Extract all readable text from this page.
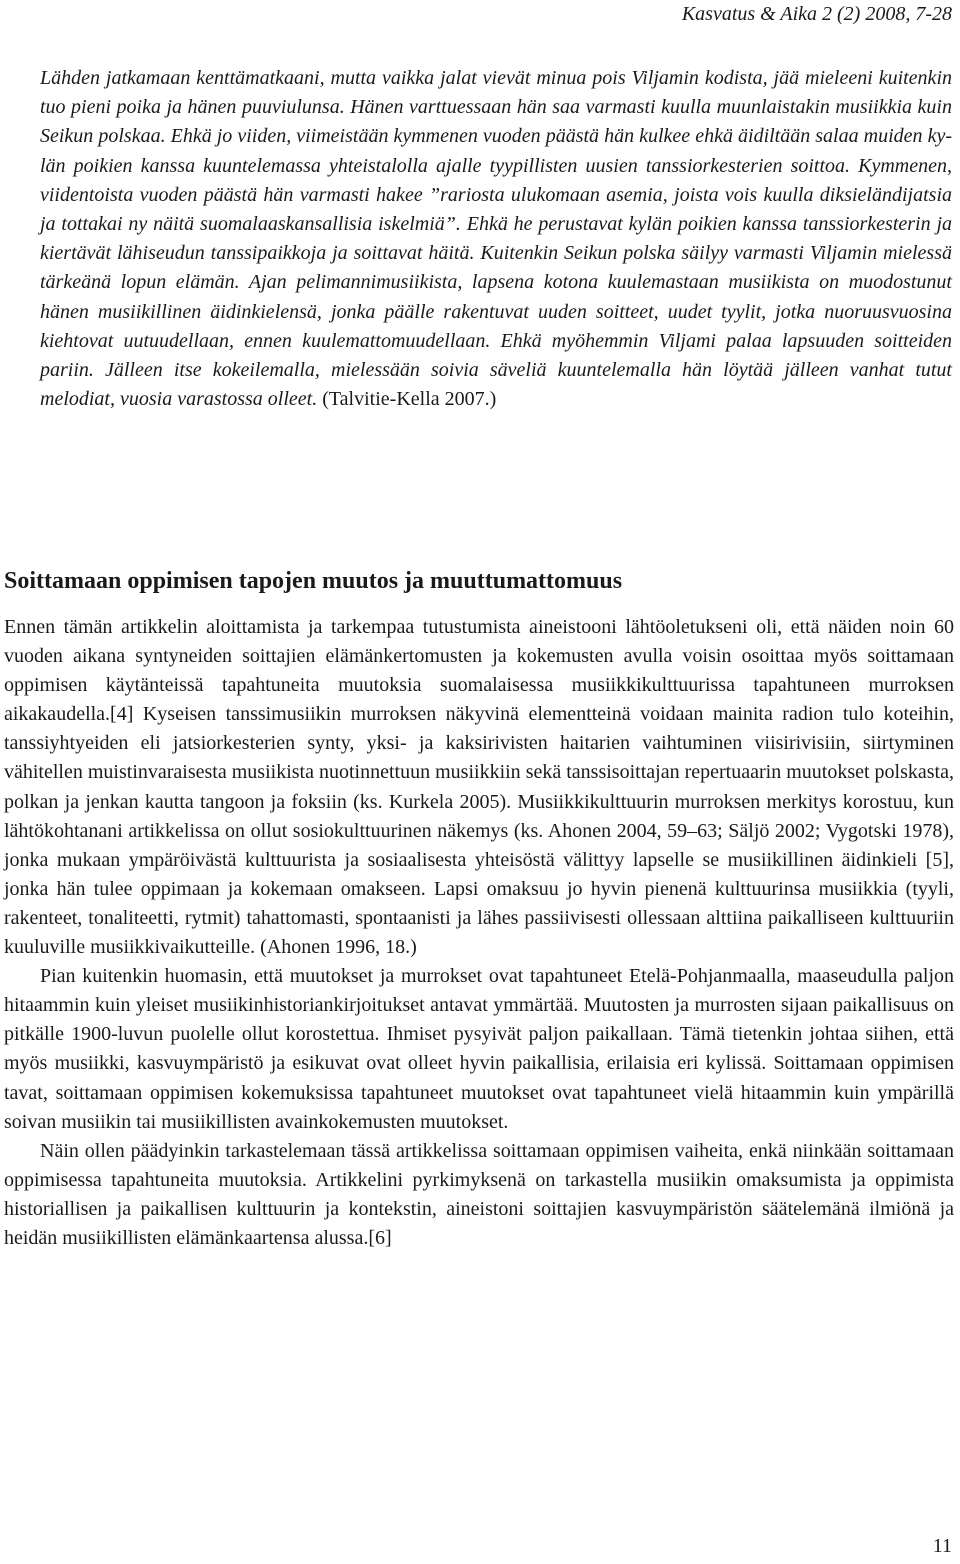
Kasvatus & Aika 2 (2) 2008, 7-28
Lähden jatkamaan kenttämatkaani, mutta vaikka jalat vievät minua pois Viljamin kodista, jää mieleeni kuitenkin tuo pieni poika ja hänen puuviulunsa. Hänen varttuessaan hän saa varmasti kuulla muunlaistakin musiikkia kuin Seikun polskaa. Ehkä jo viiden, viimeistään kymmenen vuoden päästä hän kulkee ehkä äidiltään salaa muiden kylän poikien kanssa kuuntelemassa yhteistalolla ajalle tyypillisten uusien tanssiorkesterien soittoa. Kymmenen, viidentoista vuoden päästä hän varmasti hakee ”rariosta ulukomaan asemia, joista vois kuulla diksieländijatsia ja tottakai ny näitä suomalaaskansallisia iskelmiä”. Ehkä he perustavat kylän poikien kanssa tanssiorkesterin ja kiertävät lähiseudun tanssipaikkoja ja soittavat häitä. Kuitenkin Seikun polska säilyy varmasti Viljamin mielessä tärkeänä lopun elämän. Ajan pelimannimusiikista, lapsena kotona kuulemastaan musiikista on muodostunut hänen musiikillinen äidinkielensä, jonka päälle rakentuvat uuden soitteet, uudet tyylit, jotka nuoruusvuosina kiehtovat uutuudellaan, ennen kuulemattomuudellaan. Ehkä myöhemmin Viljami palaa lapsuuden soitteiden pariin. Jälleen itse kokeilemalla, mielessään soivia säveliä kuuntelemalla hän löytää jälleen vanhat tutut melodiat, vuosia varastossa olleet. (Talvitie-Kella 2007.)
Soittamaan oppimisen tapojen muutos ja muuttumattomuus

Ennen tämän artikkelin aloittamista ja tarkempaa tutustumista aineistooni lähtöoletukseni oli, että näiden noin 60 vuoden aikana syntyneiden soittajien elämänkertomusten ja kokemusten avulla voisin osoittaa myös soittamaan oppimisen käytänteissä tapahtuneita muutoksia suomalaisessa musiikkikulttuurissa tapahtuneen murroksen aikakaudella.[4] Kyseisen tanssimusiikin murroksen näkyvinä elementteinä voidaan mainita radion tulo koteihin, tanssiyhtyeiden eli jatsiorkesterien synty, yksi- ja kaksirivisten haitarien vaihtuminen viisirivisiin, siirtyminen vähitellen muistinvaraisesta musiikista nuotinnettuun musiikkiin sekä tanssisoittajan repertuaarin muutokset polskasta, polkan ja jenkan kautta tangoon ja foksiin (ks. Kurkela 2005). Musiikkikulttuurin murroksen merkitys korostuu, kun lähtökohtanani artikkelissa on ollut sosiokulttuurinen näkemys (ks. Ahonen 2004, 59–63; Säljö 2002; Vygotski 1978), jonka mukaan ympäröivästä kulttuurista ja sosiaalisesta yhteisöstä välittyy lapselle se musiikillinen äidinkieli [5], jonka hän tulee oppimaan ja kokemaan omakseen. Lapsi omaksuu jo hyvin pienenä kulttuurinsa musiikkia (tyyli, rakenteet, tonaliteetti, rytmit) tahattomasti, spontaanisti ja lähes passiivisesti ollessaan alttiina paikalliseen kulttuuriin kuuluville musiikkivaikutteille. (Ahonen 1996, 18.)

Pian kuitenkin huomasin, että muutokset ja murrokset ovat tapahtuneet Etelä-Pohjanmaalla, maaseudulla paljon hitaammin kuin yleiset musiikinhistoriankirjoitukset antavat ymmärtää. Muutosten ja murrosten sijaan paikallisuus on pitkälle 1900-luvun puolelle ollut korostettua. Ihmiset pysyivät paljon paikallaan. Tämä tietenkin johtaa siihen, että myös musiikki, kasvuympäristö ja esikuvat ovat olleet hyvin paikallisia, erilaisia eri kylissä. Soittamaan oppimisen tavat, soittamaan oppimisen kokemuksissa tapahtuneet muutokset ovat tapahtuneet vielä hitaammin kuin ympärillä soivan musiikin tai musiikillisten avainkokemusten muutokset.

Näin ollen päädyinkin tarkastelemaan tässä artikkelissa soittamaan oppimisen vaiheita, enkä niinkään soittamaan oppimisessa tapahtuneita muutoksia. Artikkelini pyrkimyksenä on tarkastella musiikin omaksumista ja oppimista historiallisen ja paikallisen kulttuurin ja kontekstin, aineistoni soittajien kasvuympäristön säätelemänä ilmiönä ja heidän musiikillisten elämänkaartensa alussa.[6]

11
